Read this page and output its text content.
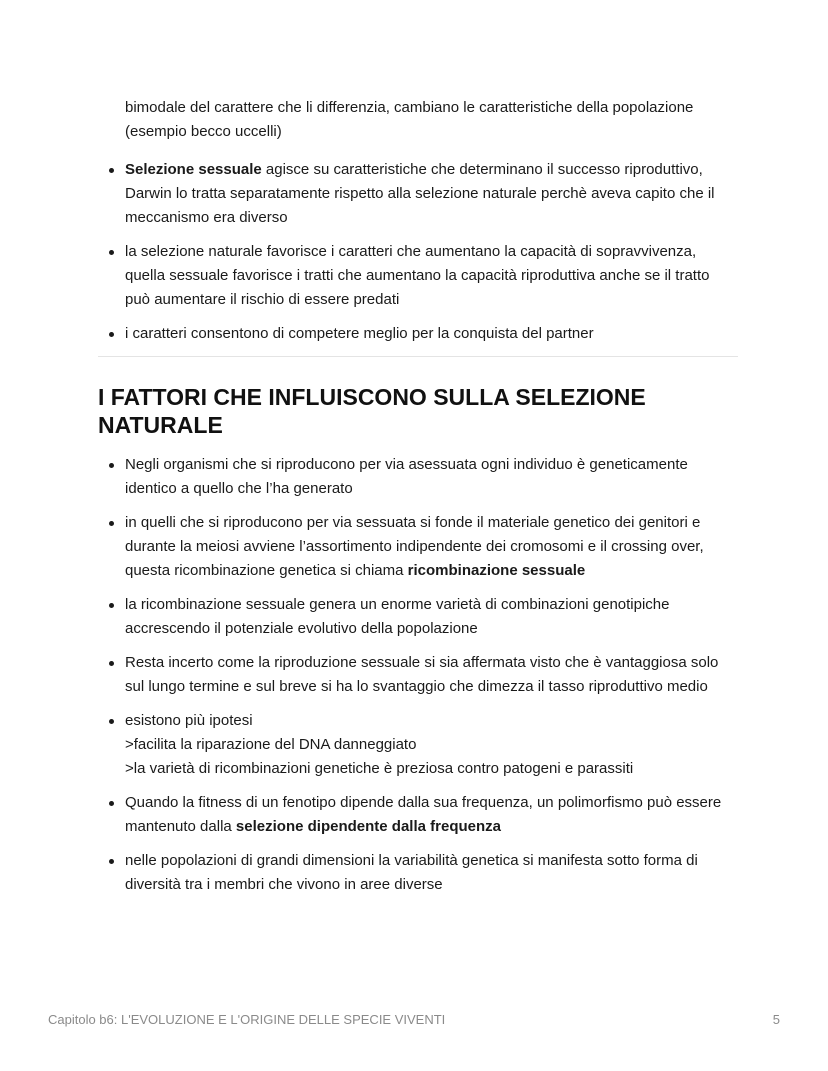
bimodale del carattere che li differenzia, cambiano le caratteristiche della popolazione (esempio becco uccelli)

Selezione sessuale agisce su caratteristiche che determinano il successo riproduttivo, Darwin lo tratta separatamente rispetto alla selezione naturale perchè aveva capito che il meccanismo era diverso
la selezione naturale favorisce i caratteri che aumentano la capacità di sopravvivenza, quella sessuale favorisce i tratti che aumentano la capacità riproduttiva anche se il tratto può aumentare il rischio di essere predati
i caratteri consentono di competere meglio per la conquista del partner
I FATTORI CHE INFLUISCONO SULLA SELEZIONE NATURALE
Negli organismi che si riproducono per via asessuata ogni individuo è geneticamente identico a quello che l’ha generato
in quelli che si riproducono per via sessuata si fonde il materiale genetico dei genitori e durante la meiosi avviene l’assortimento indipendente dei cromosomi e il crossing over, questa ricombinazione genetica si chiama ricombinazione sessuale
la ricombinazione sessuale genera un enorme varietà di combinazioni genotipiche accrescendo il potenziale evolutivo della popolazione
Resta incerto come la riproduzione sessuale si sia affermata visto che è vantaggiosa solo sul lungo termine e sul breve si ha lo svantaggio che dimezza il tasso riproduttivo medio
esistono più ipotesi
>facilita la riparazione del DNA danneggiato
>la varietà di ricombinazioni genetiche è preziosa contro patogeni e parassiti
Quando la fitness di un fenotipo dipende dalla sua frequenza, un polimorfismo può essere mantenuto dalla selezione dipendente dalla frequenza
nelle popolazioni di grandi dimensioni la variabilità genetica si manifesta sotto forma di diversità tra i membri che vivono in aree diverse
Capitolo b6: L'EVOLUZIONE E L'ORIGINE DELLE SPECIE VIVENTI	5
